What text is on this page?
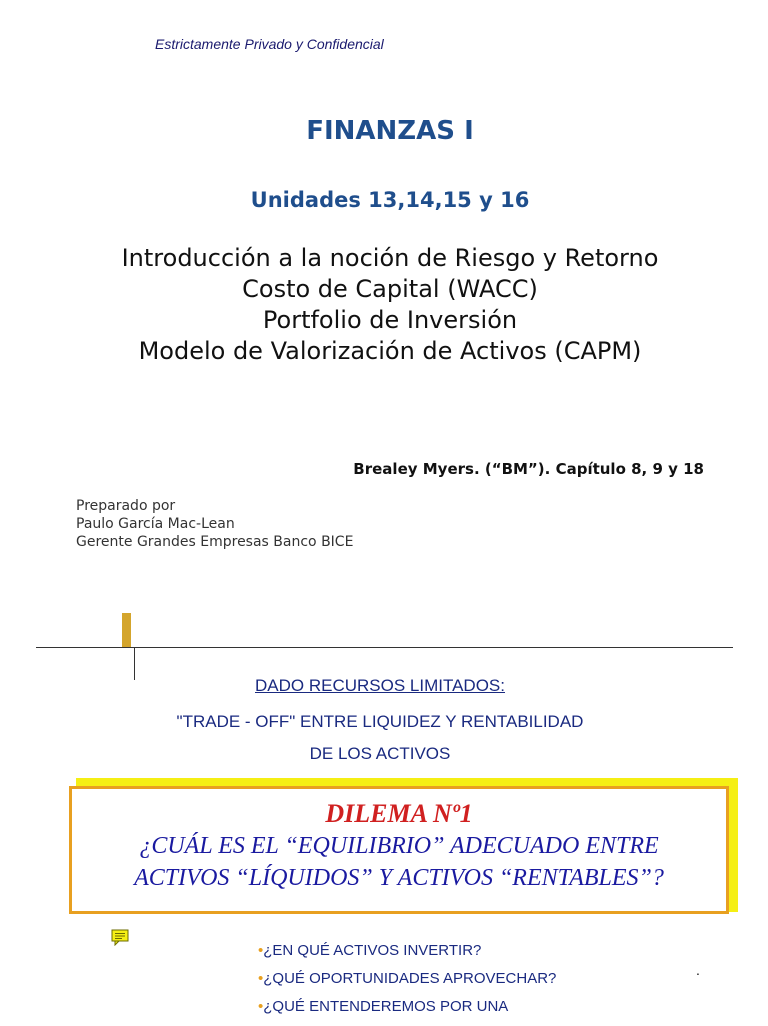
Estrictamente Privado y Confidencial
FINANZAS I
Unidades 13,14,15 y 16
Introducción a la noción de Riesgo y Retorno
Costo de Capital (WACC)
Portfolio de Inversión
Modelo de Valorización de Activos (CAPM)
Brealey Myers. (“BM”). Capítulo 8, 9 y 18
Preparado por
Paulo García Mac-Lean
Gerente Grandes Empresas Banco BICE
DADO RECURSOS LIMITADOS:
"TRADE - OFF" ENTRE LIQUIDEZ Y RENTABILIDAD
DE LOS ACTIVOS
DILEMA Nº1
¿CUÁL ES EL “EQUILIBRIO” ADECUADO ENTRE
ACTIVOS “LÍQUIDOS” Y ACTIVOS “RENTABLES”?
•¿EN QUÉ ACTIVOS INVERTIR?
•¿QUÉ OPORTUNIDADES APROVECHAR?
•¿QUÉ ENTENDEREMOS POR UNA
.
